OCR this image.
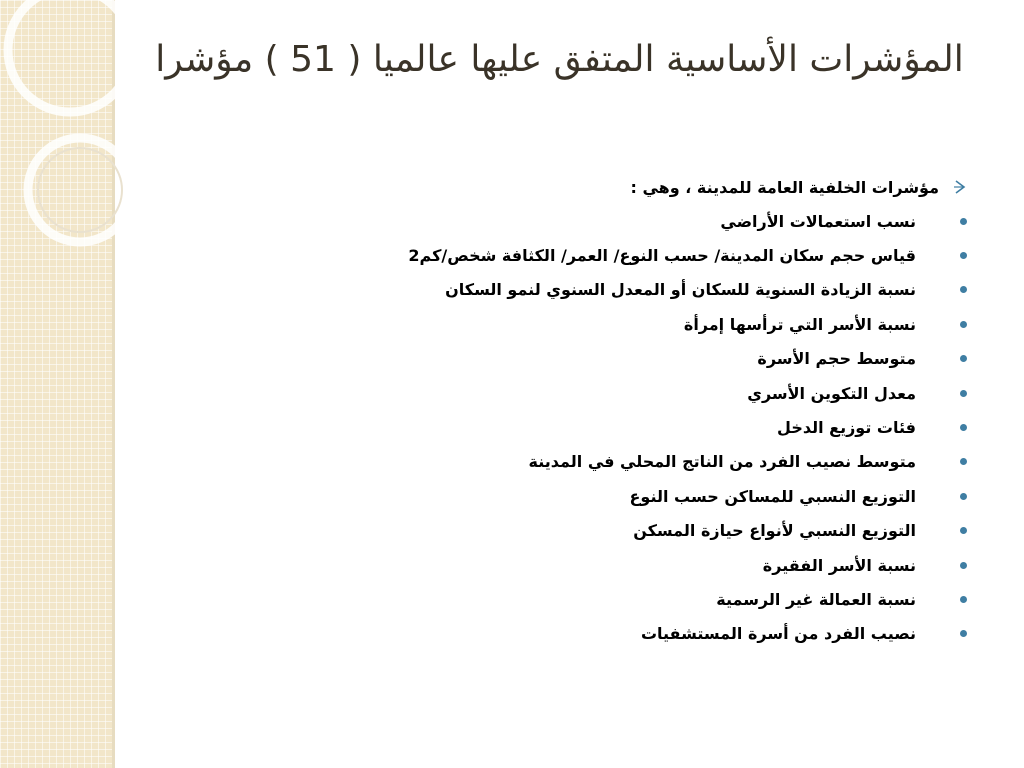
المؤشرات الأساسية المتفق عليها عالميا ( 51 ) مؤشرا
مؤشرات الخلفية العامة للمدينة ، وهي :
نسب استعمالات الأراضي
قياس حجم سكان المدينة/ حسب النوع/ العمر/ الكثافة شخص/كم2
نسبة الزيادة السنوية للسكان أو المعدل السنوي لنمو السكان
نسبة الأسر التي ترأسها إمرأة
متوسط حجم الأسرة
معدل التكوين الأسري
فئات توزيع الدخل
متوسط نصيب الفرد من الناتج المحلي في المدينة
التوزيع النسبي للمساكن حسب النوع
التوزيع النسبي لأنواع حيازة المسكن
نسبة الأسر الفقيرة
نسبة العمالة غير الرسمية
نصيب الفرد من أسرة المستشفيات
